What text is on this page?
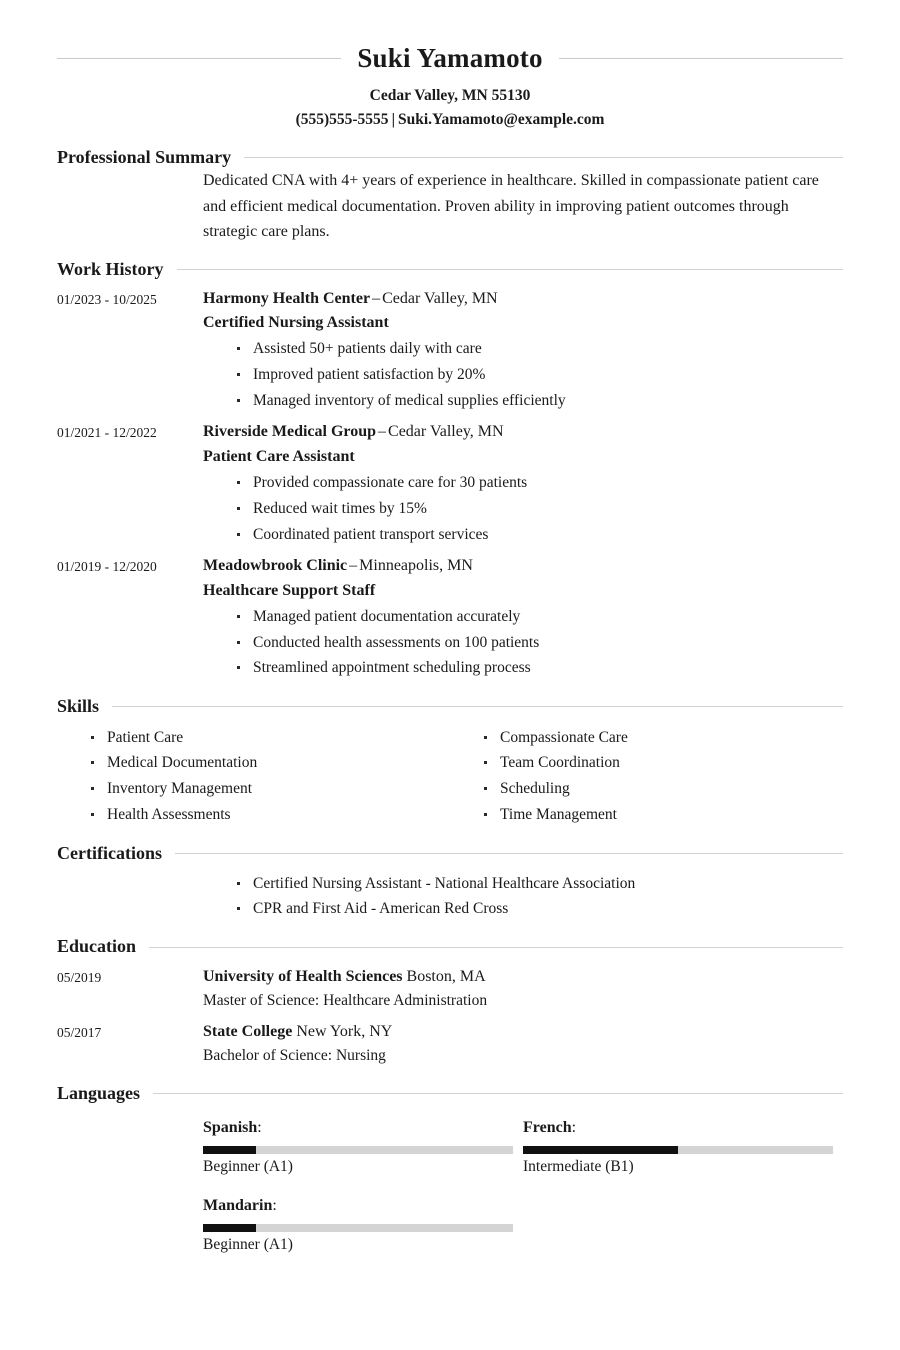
Suki Yamamoto
Cedar Valley, MN 55130
(555)555-5555 | Suki.Yamamoto@example.com
Professional Summary
Dedicated CNA with 4+ years of experience in healthcare. Skilled in compassionate patient care and efficient medical documentation. Proven ability in improving patient outcomes through strategic care plans.
Work History
01/2023 - 10/2025	Harmony Health Center – Cedar Valley, MN
Certified Nursing Assistant
Assisted 50+ patients daily with care
Improved patient satisfaction by 20%
Managed inventory of medical supplies efficiently
01/2021 - 12/2022	Riverside Medical Group – Cedar Valley, MN
Patient Care Assistant
Provided compassionate care for 30 patients
Reduced wait times by 15%
Coordinated patient transport services
01/2019 - 12/2020	Meadowbrook Clinic – Minneapolis, MN
Healthcare Support Staff
Managed patient documentation accurately
Conducted health assessments on 100 patients
Streamlined appointment scheduling process
Skills
Patient Care
Medical Documentation
Inventory Management
Health Assessments
Compassionate Care
Team Coordination
Scheduling
Time Management
Certifications
Certified Nursing Assistant - National Healthcare Association
CPR and First Aid - American Red Cross
Education
05/2019	University of Health Sciences Boston, MA
Master of Science: Healthcare Administration
05/2017	State College New York, NY
Bachelor of Science: Nursing
Languages
Spanish:
Beginner (A1)
French:
Intermediate (B1)
Mandarin:
Beginner (A1)
